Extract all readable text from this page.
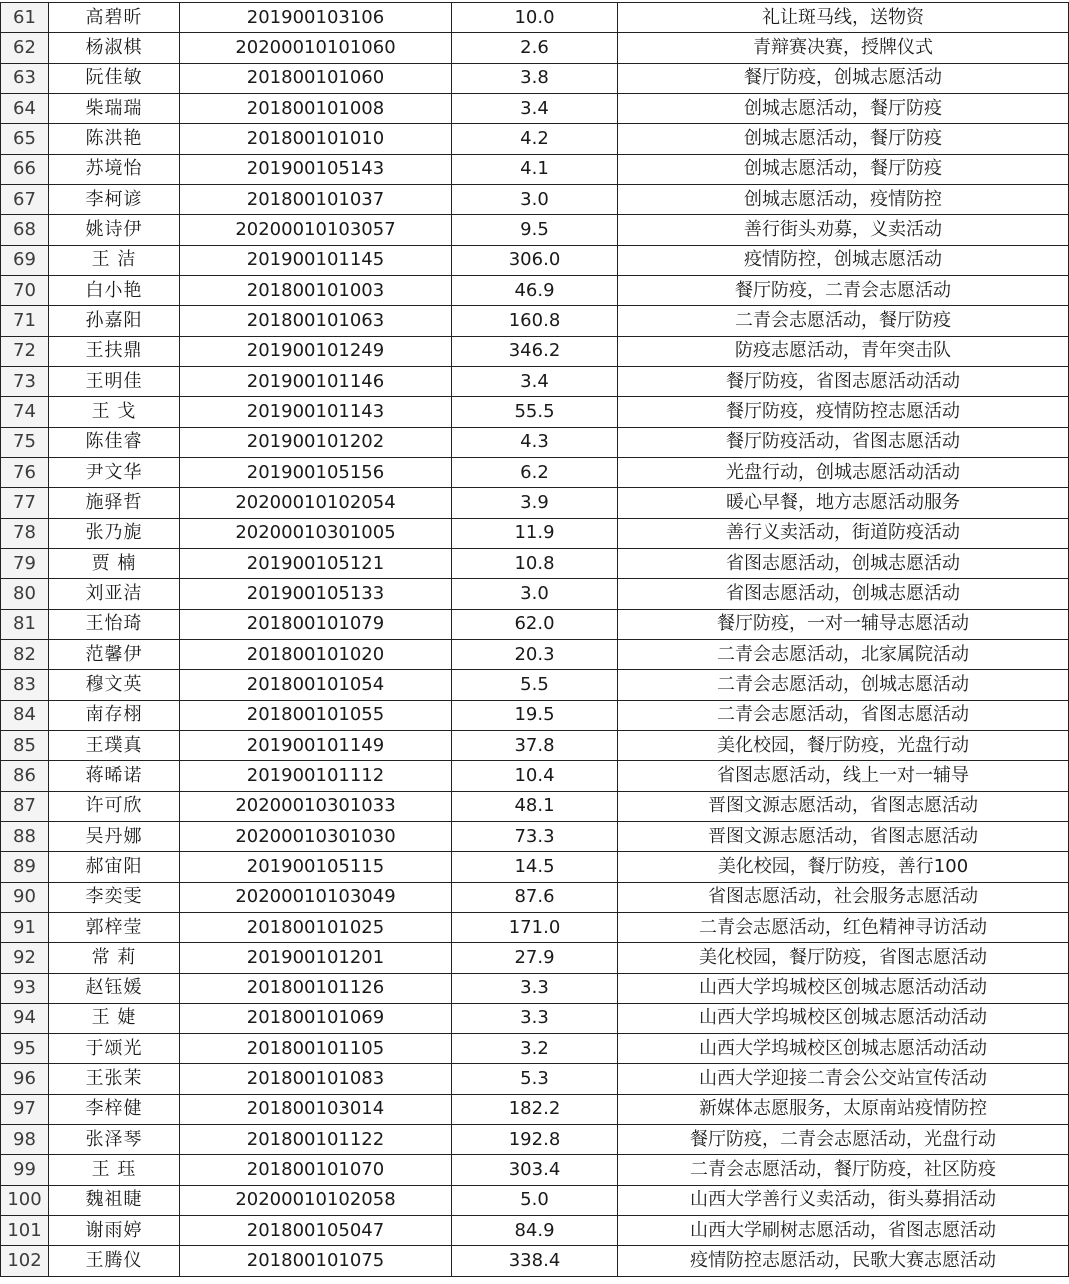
61	高碧昕	201900103106	10.0	礼让斑马线，送物资
62	杨淑棋	20200010101060	2.6	青辩赛决赛，授牌仪式
63	阮佳敏	201800101060	3.8	餐厅防疫，创城志愿活动
64	柴瑞瑞	201800101008	3.4	创城志愿活动，餐厅防疫
65	陈洪艳	201800101010	4.2	创城志愿活动，餐厅防疫
66	苏境怡	201900105143	4.1	创城志愿活动，餐厅防疫
67	李柯谚	201800101037	3.0	创城志愿活动，疫情防控
68	姚诗伊	20200010103057	9.5	善行街头劝募，义卖活动
69	王 洁	201900101145	306.0	疫情防控，创城志愿活动
70	白小艳	201800101003	46.9	餐厅防疫，二青会志愿活动
71	孙嘉阳	201800101063	160.8	二青会志愿活动，餐厅防疫
72	王扶鼎	201900101249	346.2	防疫志愿活动，青年突击队
73	王明佳	201900101146	3.4	餐厅防疫，省图志愿活动活动
74	王 戈	201900101143	55.5	餐厅防疫，疫情防控志愿活动
75	陈佳睿	201900101202	4.3	餐厅防疫活动，省图志愿活动
76	尹文华	201900105156	6.2	光盘行动，创城志愿活动活动
77	施驿哲	20200010102054	3.9	暖心早餐，地方志愿活动服务
78	张乃旎	20200010301005	11.9	善行义卖活动，街道防疫活动
79	贾 楠	201900105121	10.8	省图志愿活动，创城志愿活动
80	刘亚洁	201900105133	3.0	省图志愿活动，创城志愿活动
81	王怡琦	201800101079	62.0	餐厅防疫，一对一辅导志愿活动
82	范馨伊	201800101020	20.3	二青会志愿活动，北家属院活动
83	穆文英	201800101054	5.5	二青会志愿活动，创城志愿活动
84	南存栩	201800101055	19.5	二青会志愿活动，省图志愿活动
85	王璞真	201900101149	37.8	美化校园，餐厅防疫，光盘行动
86	蒋晞诺	201900101112	10.4	省图志愿活动，线上一对一辅导
87	许可欣	20200010301033	48.1	晋图文源志愿活动，省图志愿活动
88	吴丹娜	20200010301030	73.3	晋图文源志愿活动，省图志愿活动
89	郝宙阳	201900105115	14.5	美化校园，餐厅防疫，善行100
90	李奕雯	20200010103049	87.6	省图志愿活动，社会服务志愿活动
91	郭梓莹	201800101025	171.0	二青会志愿活动，红色精神寻访活动
92	常 莉	201900101201	27.9	美化校园，餐厅防疫，省图志愿活动
93	赵钰媛	201800101126	3.3	山西大学坞城校区创城志愿活动活动
94	王 婕	201800101069	3.3	山西大学坞城校区创城志愿活动活动
95	于颂光	201800101105	3.2	山西大学坞城校区创城志愿活动活动
96	王张茉	201800101083	5.3	山西大学迎接二青会公交站宣传活动
97	李梓健	201800103014	182.2	新媒体志愿服务，太原南站疫情防控
98	张泽琴	201800101122	192.8	餐厅防疫，二青会志愿活动，光盘行动
99	王 珏	201800101070	303.4	二青会志愿活动，餐厅防疫，社区防疫
100	魏祖睫	20200010102058	5.0	山西大学善行义卖活动，街头募捐活动
101	谢雨婷	201800105047	84.9	山西大学刷树志愿活动，省图志愿活动
102	王腾仪	201800101075	338.4	疫情防控志愿活动，民歌大赛志愿活动
